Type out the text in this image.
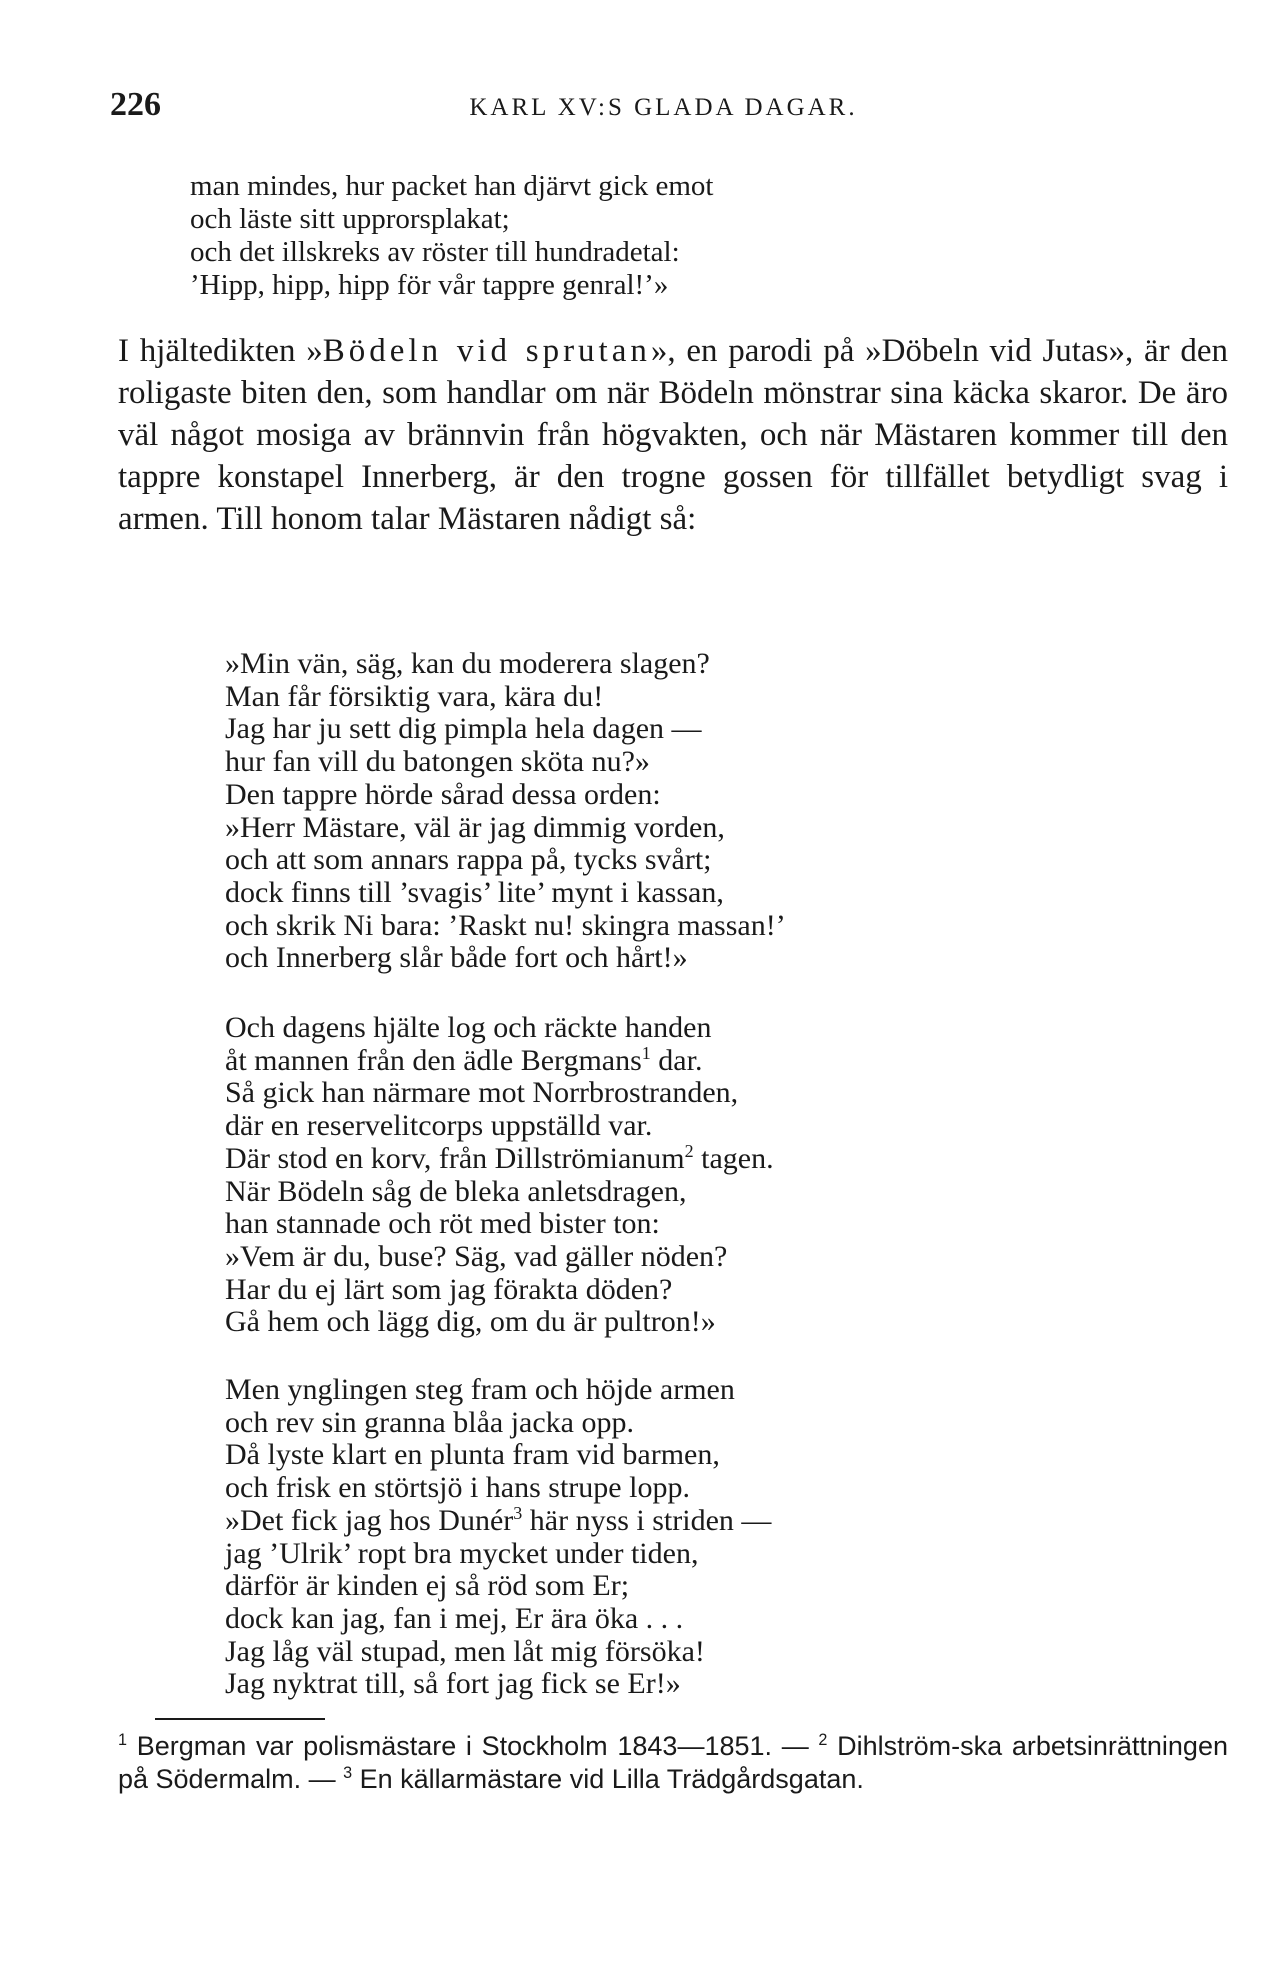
226	KARL XV:S GLADA DAGAR.
man mindes, hur packet han djärvt gick emot
och läste sitt upprorsplakat;
och det illskreks av röster till hundradetal:
’Hipp, hipp, hipp för vår tappre genral!’»

I hjältedikten »Bödeln vid sprutan», en parodi på »Döbeln vid Jutas», är den roligaste biten den, som handlar om när Bödeln mönstrar sina käcka skaror. De äro väl något mosiga av brännvin från högvakten, och när Mästaren kommer till den tappre konstapel Innerberg, är den trogne gossen för tillfället betydligt svag i armen. Till honom talar Mästaren nådigt så:

»Min vän, säg, kan du moderera slagen?
Man får försiktig vara, kära du!
Jag har ju sett dig pimpla hela dagen —
hur fan vill du batongen sköta nu?»
Den tappre hörde sårad dessa orden:
»Herr Mästare, väl är jag dimmig vorden,
och att som annars rappa på, tycks svårt;
dock finns till ’svagis’ lite’ mynt i kassan,
och skrik Ni bara: ’Raskt nu! skingra massan!’
och Innerberg slår både fort och hårt!»
Och dagens hjälte log och räckte handen
åt mannen från den ädle Bergmans$^1$ dar.
Så gick han närmare mot Norrbrostranden,
där en reservelitcorps uppställd var.
Där stod en korv, från Dillströmianum$^2$ tagen.
När Bödeln såg de bleka anletsdragen,
han stannade och röt med bister ton:
»Vem är du, buse? Säg, vad gäller nöden?
Har du ej lärt som jag förakta döden?
Gå hem och lägg dig, om du är pultron!»
Men ynglingen steg fram och höjde armen
och rev sin granna blåa jacka opp.
Då lyste klart en plunta fram vid barmen,
och frisk en störtsjö i hans strupe lopp.
»Det fick jag hos Dunér$^3$ här nyss i striden —
jag ’Ulrik’ ropt bra mycket under tiden,
därför är kinden ej så röd som Er;
dock kan jag, fan i mej, Er ära öka . . .
Jag låg väl stupad, men låt mig försöka!
Jag nyktrat till, så fort jag fick se Er!»

$^1$ Bergman var polismästare i Stockholm 1843—1851. — $^2$ Dihlström-ska arbetsinrättningen på Södermalm. — $^3$ En källarmästare vid Lilla Trädgårdsgatan.
